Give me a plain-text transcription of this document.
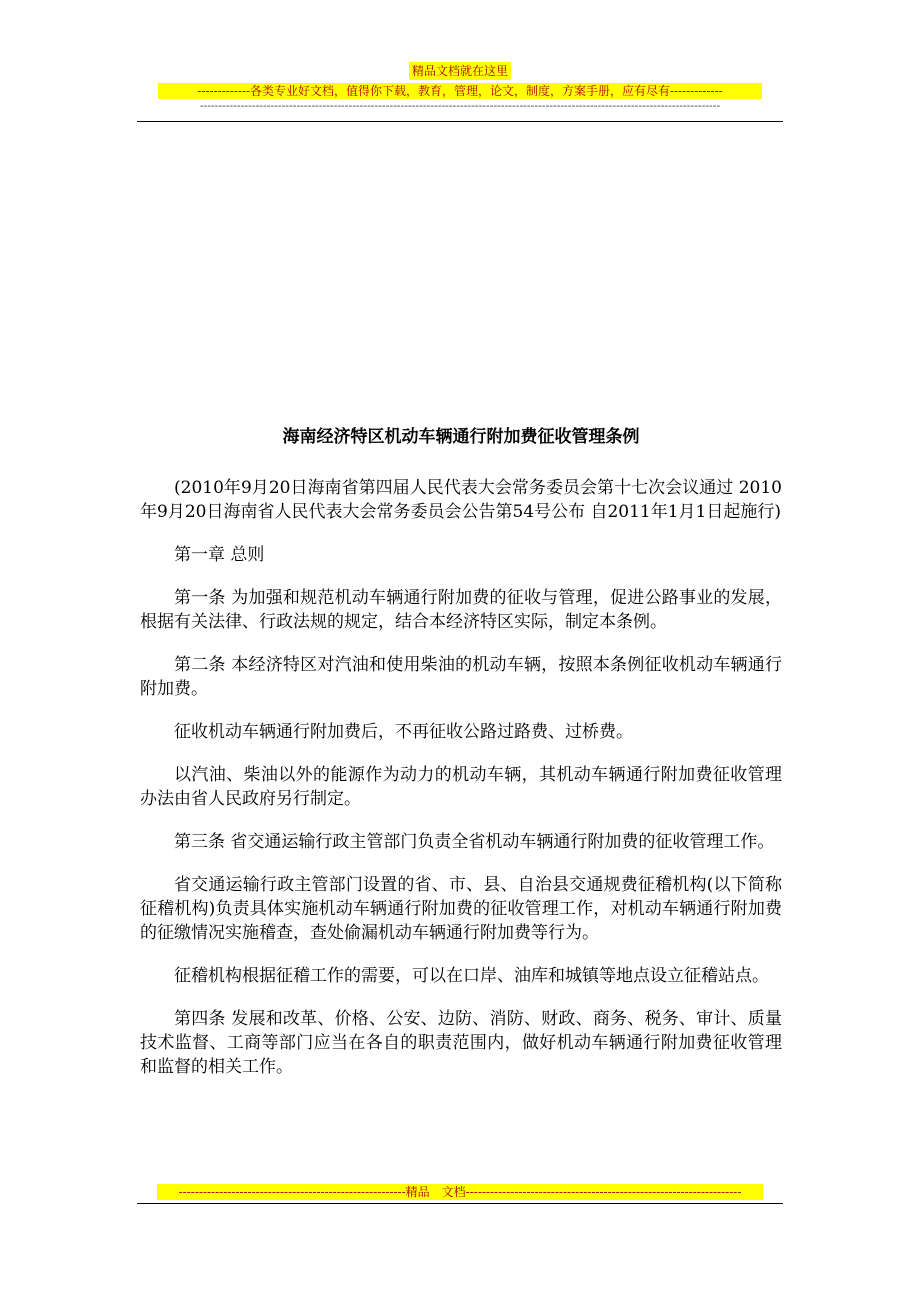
精品文档就在这里
-------------各类专业好文档，值得你下载，教育，管理，论文，制度，方案手册，应有尽有-------------
--------------------------------------------------------------------------------------------------------------------------------------------
海南经济特区机动车辆通行附加费征收管理条例

(2010年9月20日海南省第四届人民代表大会常务委员会第十七次会议通过 2010年9月20日海南省人民代表大会常务委员会公告第54号公布 自2011年1月1日起施行)

第一章 总则

第一条 为加强和规范机动车辆通行附加费的征收与管理，促进公路事业的发展，根据有关法律、行政法规的规定，结合本经济特区实际，制定本条例。

第二条 本经济特区对汽油和使用柴油的机动车辆，按照本条例征收机动车辆通行附加费。

征收机动车辆通行附加费后，不再征收公路过路费、过桥费。

以汽油、柴油以外的能源作为动力的机动车辆，其机动车辆通行附加费征收管理办法由省人民政府另行制定。

第三条 省交通运输行政主管部门负责全省机动车辆通行附加费的征收管理工作。

省交通运输行政主管部门设置的省、市、县、自治县交通规费征稽机构(以下简称征稽机构)负责具体实施机动车辆通行附加费的征收管理工作，对机动车辆通行附加费的征缴情况实施稽查，查处偷漏机动车辆通行附加费等行为。

征稽机构根据征稽工作的需要，可以在口岸、油库和城镇等地点设立征稽站点。

第四条 发展和改革、价格、公安、边防、消防、财政、商务、税务、审计、质量技术监督、工商等部门应当在各自的职责范围内，做好机动车辆通行附加费征收管理和监督的相关工作。

--------------------------------------------------------精品　文档--------------------------------------------------------------------
